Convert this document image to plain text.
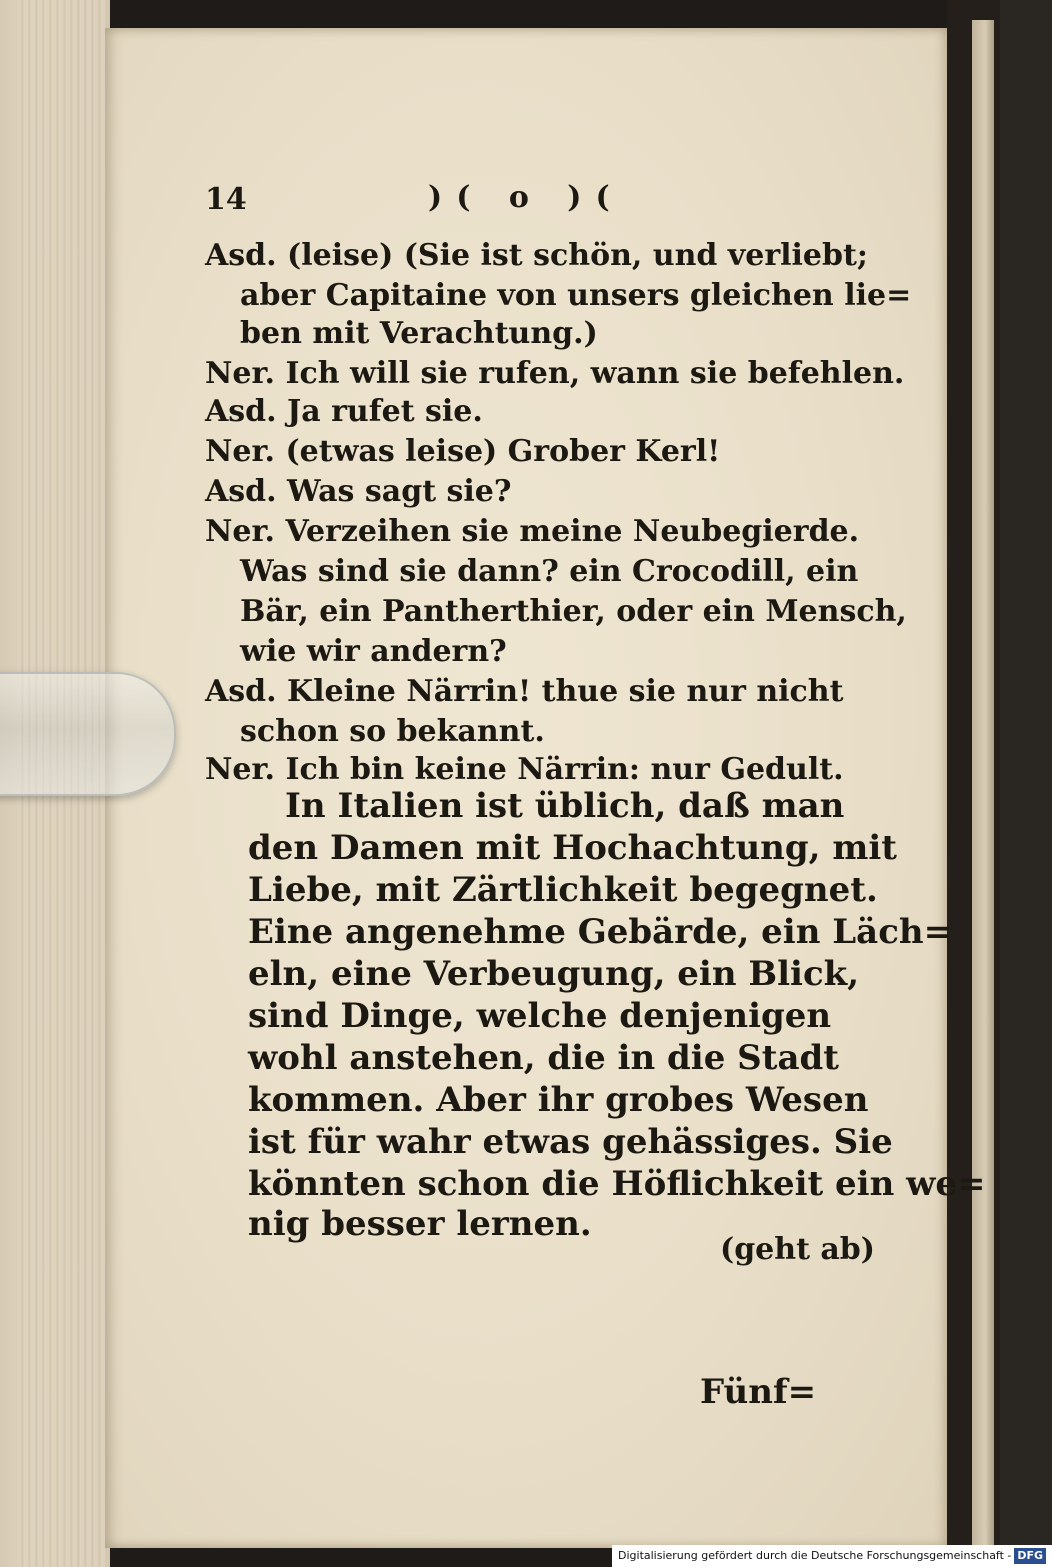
14	)( o )(
Asd. (leise) (Sie ist schön, und verliebt;
aber Capitaine von unsers gleichen lie=
ben mit Verachtung.)
Ner. Ich will sie rufen, wann sie befehlen.
Asd. Ja rufet sie.
Ner. (etwas leise) Grober Kerl!
Asd. Was sagt sie?
Ner. Verzeihen sie meine Neubegierde.
Was sind sie dann? ein Crocodill, ein
Bär, ein Pantherthier, oder ein Mensch,
wie wir andern?
Asd. Kleine Närrin! thue sie nur nicht
schon so bekannt.
Ner. Ich bin keine Närrin: nur Gedult.
In Italien ist üblich, daß man
den Damen mit Hochachtung, mit
Liebe, mit Zärtlichkeit begegnet.
Eine angenehme Gebärde, ein Läch=
eln, eine Verbeugung, ein Blick,
sind Dinge, welche denjenigen
wohl anstehen, die in die Stadt
kommen. Aber ihr grobes Wesen
ist für wahr etwas gehässiges. Sie
könnten schon die Höflichkeit ein we=
nig besser lernen.
(geht ab)
Fünf=
Digitalisierung gefördert durch die Deutsche Forschungsgemeinschaft - DFG
